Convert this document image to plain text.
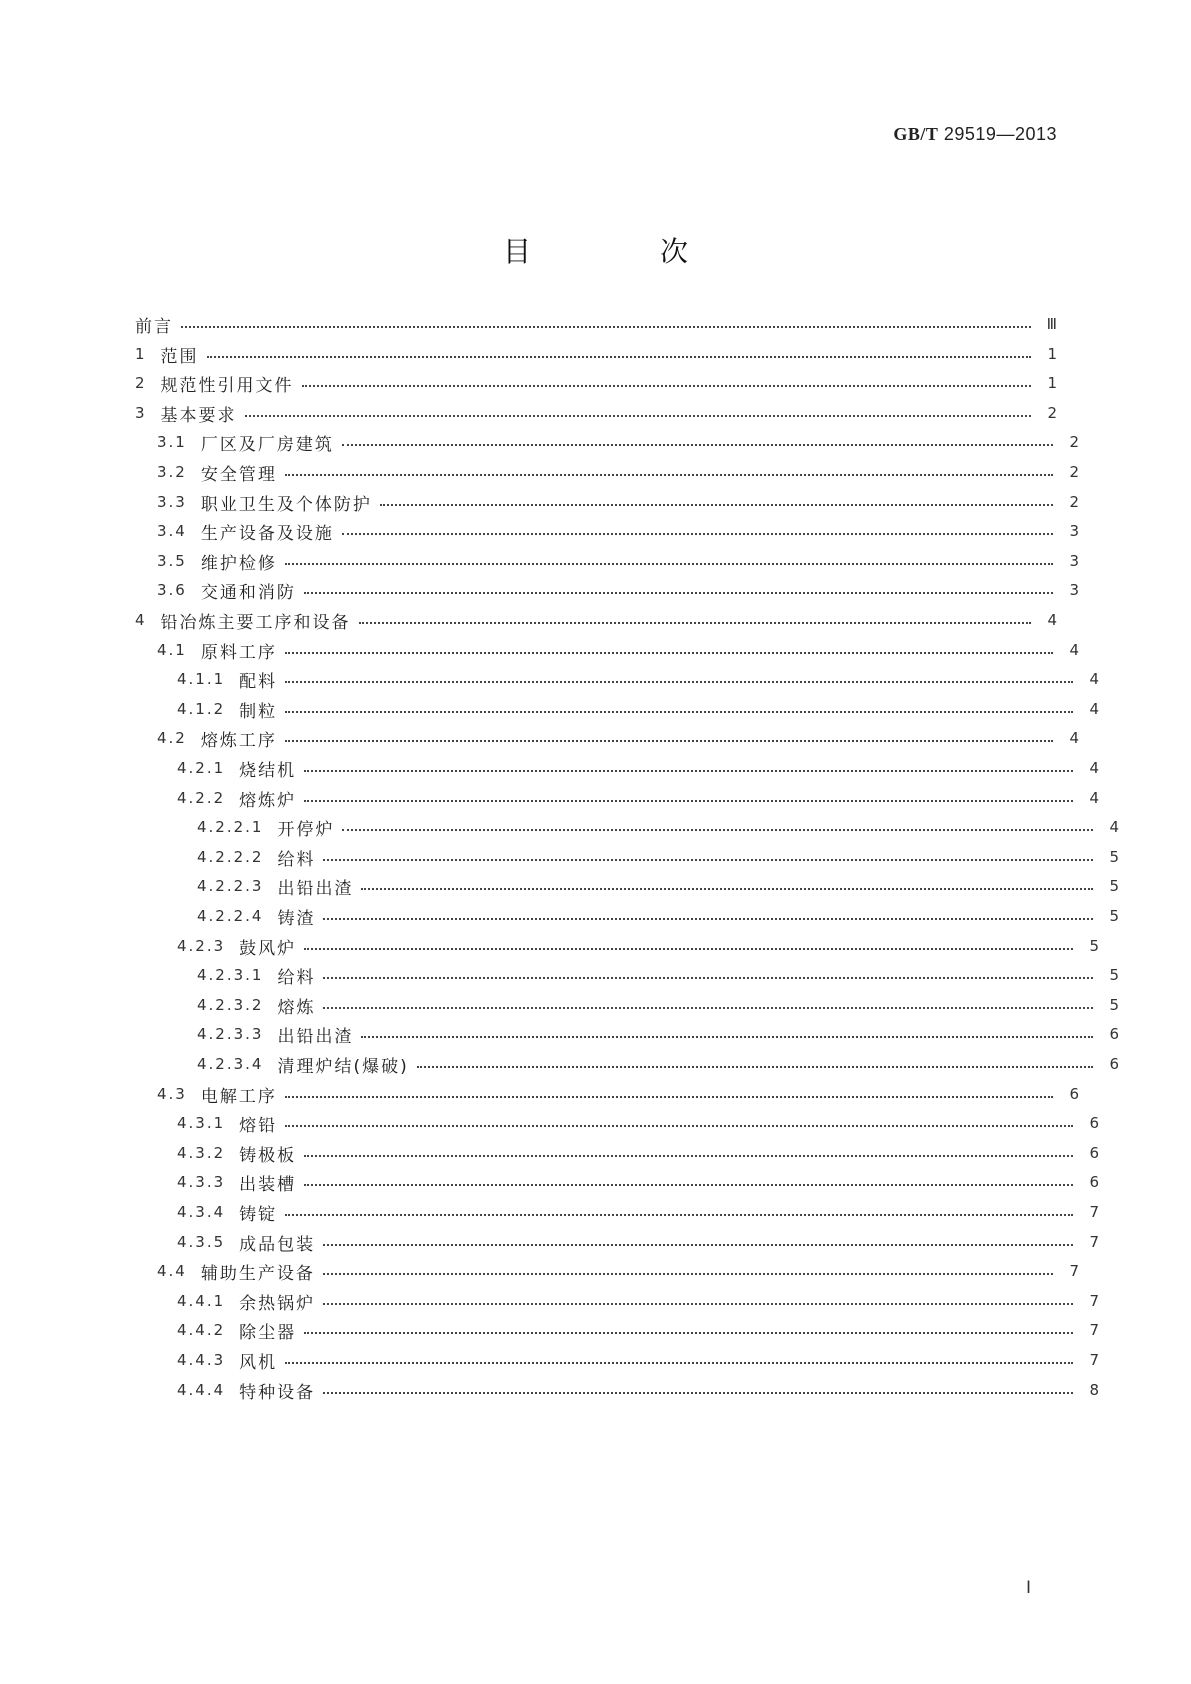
GB/T 29519—2013
目 次
前言	Ⅲ
1 范围	1
2 规范性引用文件	1
3 基本要求	2
3.1 厂区及厂房建筑	2
3.2 安全管理	2
3.3 职业卫生及个体防护	2
3.4 生产设备及设施	3
3.5 维护检修	3
3.6 交通和消防	3
4 铅冶炼主要工序和设备	4
4.1 原料工序	4
4.1.1 配料	4
4.1.2 制粒	4
4.2 熔炼工序	4
4.2.1 烧结机	4
4.2.2 熔炼炉	4
4.2.2.1 开停炉	4
4.2.2.2 给料	5
4.2.2.3 出铅出渣	5
4.2.2.4 铸渣	5
4.2.3 鼓风炉	5
4.2.3.1 给料	5
4.2.3.2 熔炼	5
4.2.3.3 出铅出渣	6
4.2.3.4 清理炉结(爆破)	6
4.3 电解工序	6
4.3.1 熔铅	6
4.3.2 铸极板	6
4.3.3 出装槽	6
4.3.4 铸锭	7
4.3.5 成品包装	7
4.4 辅助生产设备	7
4.4.1 余热锅炉	7
4.4.2 除尘器	7
4.4.3 风机	7
4.4.4 特种设备	8
Ⅰ
